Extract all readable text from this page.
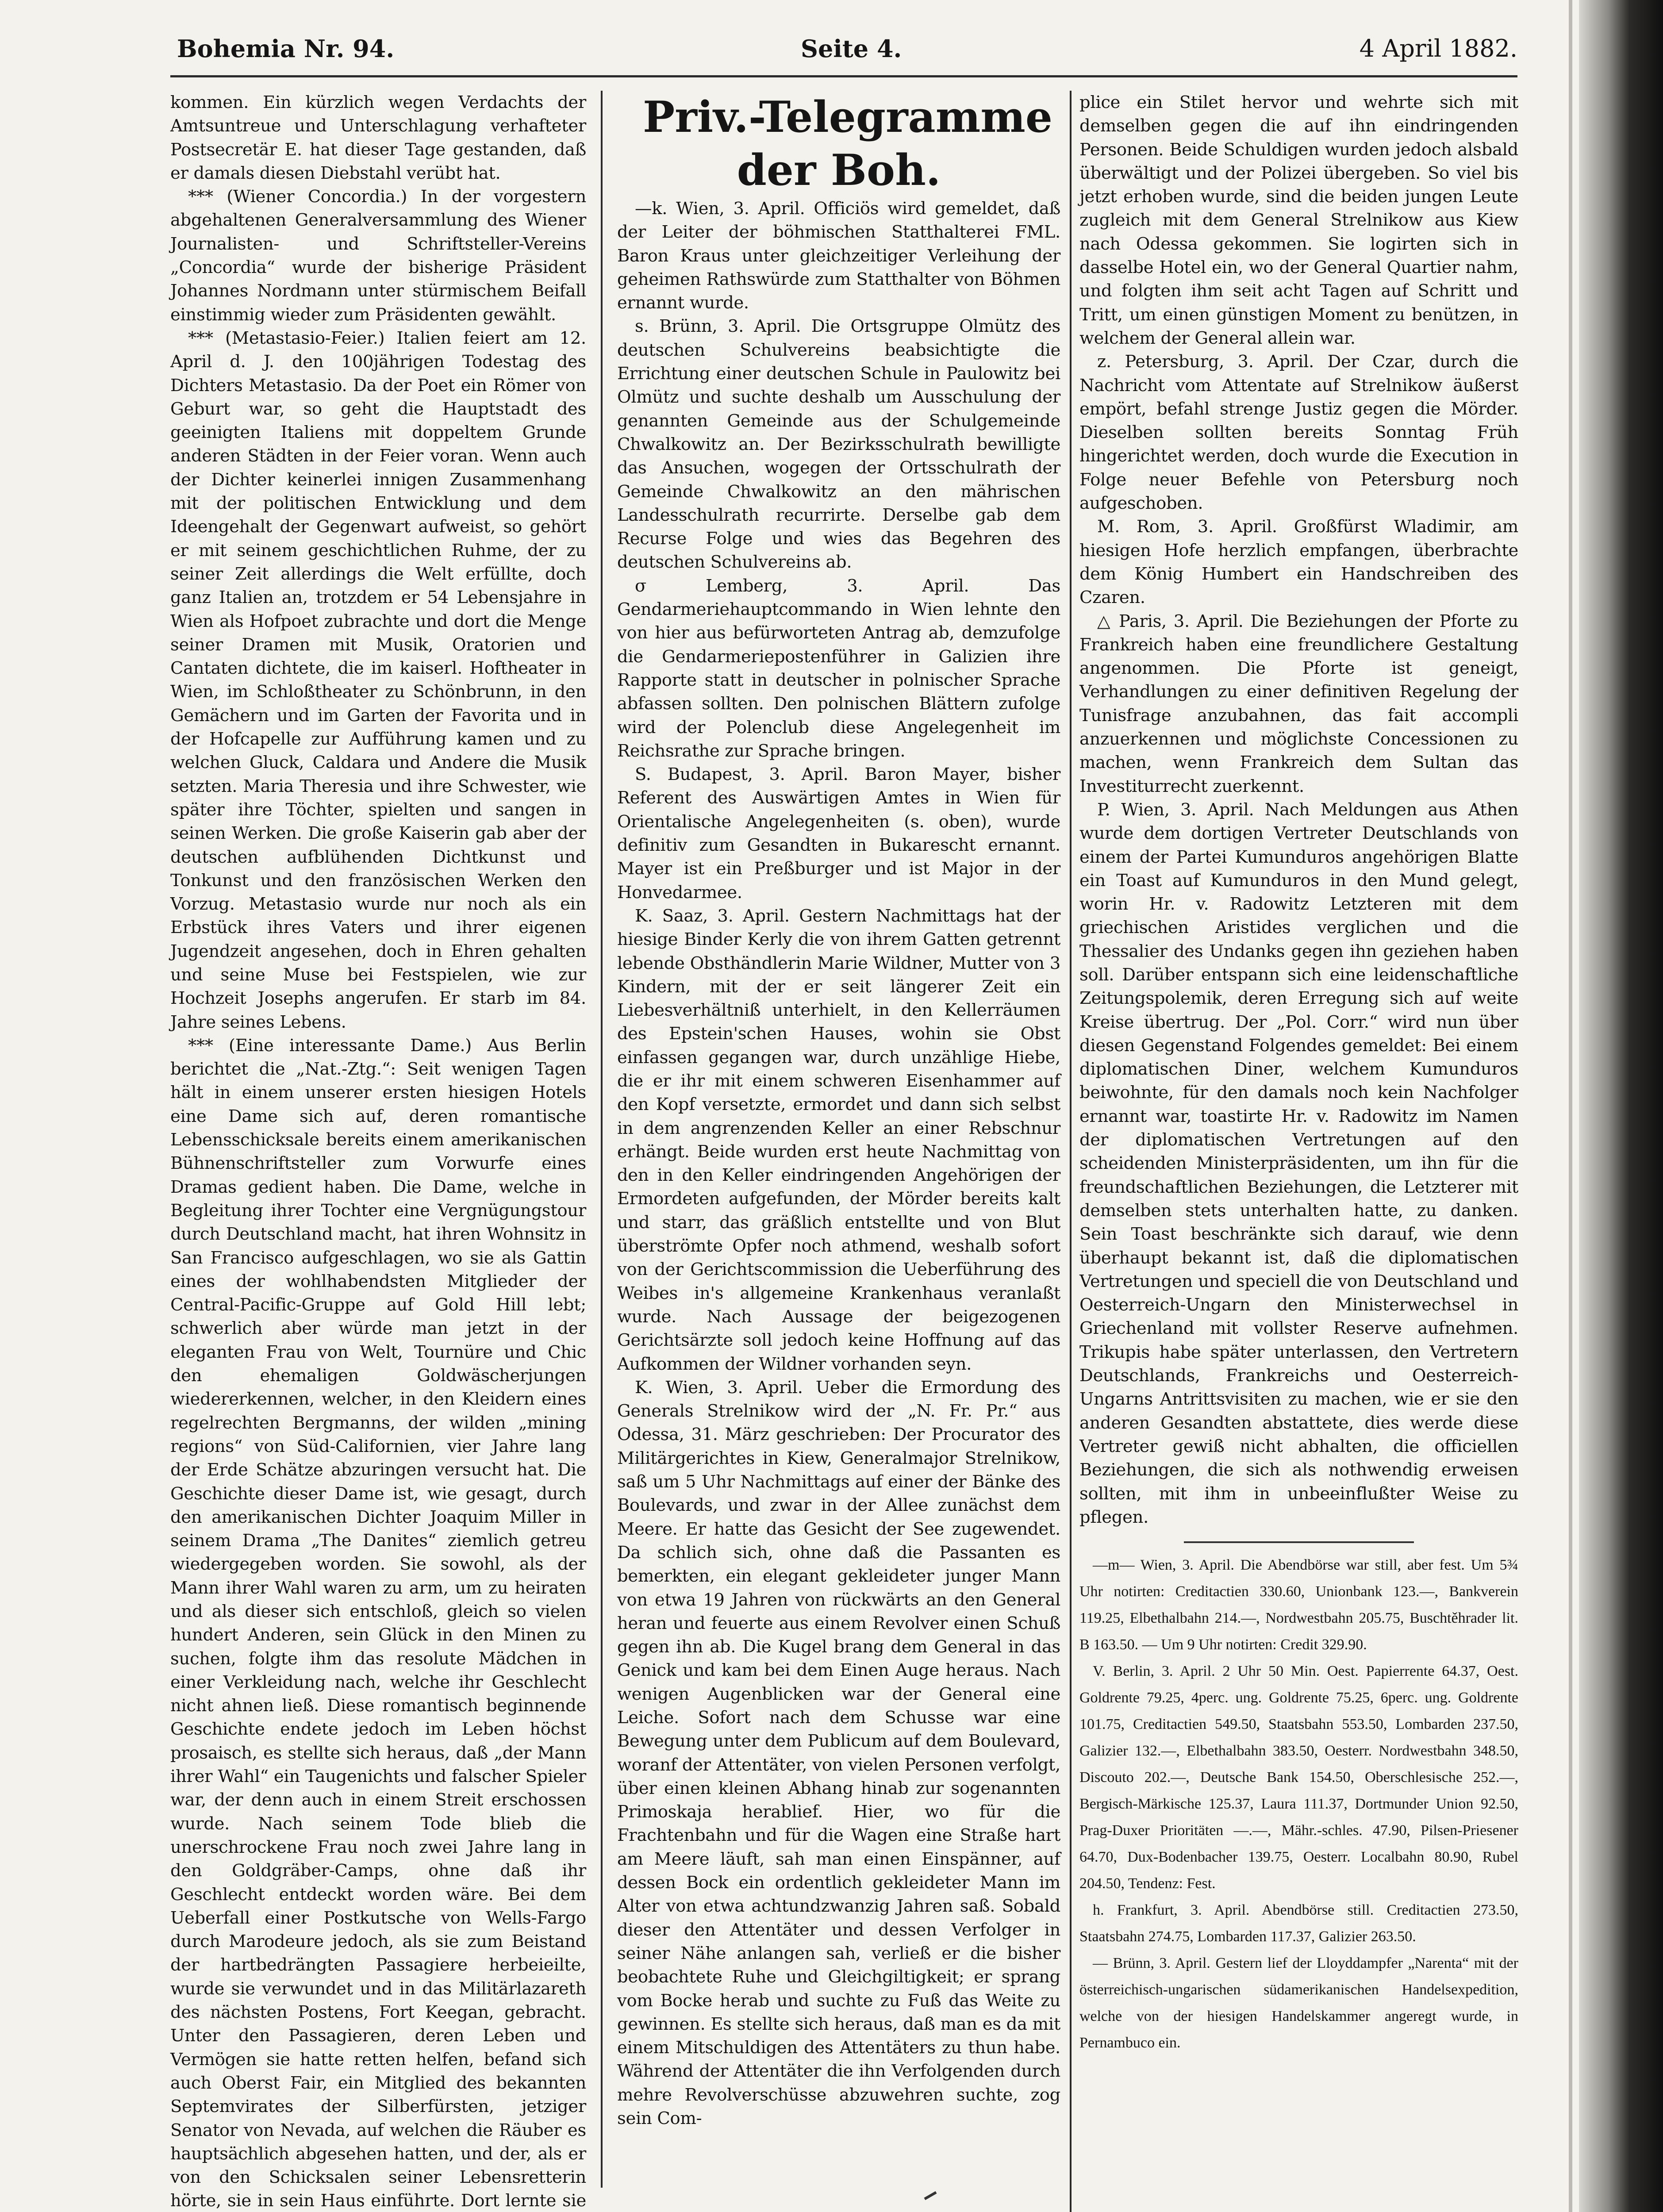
Bohemia Nr. 94.	Seite 4.	4 April 1882.

kommen. Ein kürzlich wegen Verdachts der Amtsuntreue und Unterschlagung verhafteter Postsecretär E. hat dieser Tage gestanden, daß er damals diesen Diebstahl verübt hat.

*** (Wiener Concordia.) In der vorgestern abgehaltenen Generalversammlung des Wiener Journalisten- und Schriftsteller-Vereins „Concordia“ wurde der bisherige Präsident Johannes Nordmann unter stürmischem Beifall einstimmig wieder zum Präsidenten gewählt.

*** (Metastasio-Feier.) Italien feiert am 12. April d. J. den 100jährigen Todestag des Dichters Metastasio. Da der Poet ein Römer von Geburt war, so geht die Hauptstadt des geeinigten Italiens mit doppeltem Grunde anderen Städten in der Feier voran. Wenn auch der Dichter keinerlei innigen Zusammenhang mit der politischen Entwicklung und dem Ideengehalt der Gegenwart aufweist, so gehört er mit seinem geschichtlichen Ruhme, der zu seiner Zeit allerdings die Welt erfüllte, doch ganz Italien an, trotzdem er 54 Lebensjahre in Wien als Hofpoet zubrachte und dort die Menge seiner Dramen mit Musik, Oratorien und Cantaten dichtete, die im kaiserl. Hoftheater in Wien, im Schloßtheater zu Schönbrunn, in den Gemächern und im Garten der Favorita und in der Hofcapelle zur Aufführung kamen und zu welchen Gluck, Caldara und Andere die Musik setzten. Maria Theresia und ihre Schwester, wie später ihre Töchter, spielten und sangen in seinen Werken. Die große Kaiserin gab aber der deutschen aufblühenden Dichtkunst und Tonkunst und den französischen Werken den Vorzug. Metastasio wurde nur noch als ein Erbstück ihres Vaters und ihrer eigenen Jugendzeit angesehen, doch in Ehren gehalten und seine Muse bei Festspielen, wie zur Hochzeit Josephs angerufen. Er starb im 84. Jahre seines Lebens.

*** (Eine interessante Dame.) Aus Berlin berichtet die „Nat.-Ztg.“: Seit wenigen Tagen hält in einem unserer ersten hiesigen Hotels eine Dame sich auf, deren romantische Lebensschicksale bereits einem amerikanischen Bühnenschriftsteller zum Vorwurfe eines Dramas gedient haben. Die Dame, welche in Begleitung ihrer Tochter eine Vergnügungstour durch Deutschland macht, hat ihren Wohnsitz in San Francisco aufgeschlagen, wo sie als Gattin eines der wohlhabendsten Mitglieder der Central-Pacific-Gruppe auf Gold Hill lebt; schwerlich aber würde man jetzt in der eleganten Frau von Welt, Tournüre und Chic den ehemaligen Goldwäscherjungen wiedererkennen, welcher, in den Kleidern eines regelrechten Bergmanns, der wilden „mining regions“ von Süd-Californien, vier Jahre lang der Erde Schätze abzuringen versucht hat. Die Geschichte dieser Dame ist, wie gesagt, durch den amerikanischen Dichter Joaquim Miller in seinem Drama „The Danites“ ziemlich getreu wiedergegeben worden. Sie sowohl, als der Mann ihrer Wahl waren zu arm, um zu heiraten und als dieser sich entschloß, gleich so vielen hundert Anderen, sein Glück in den Minen zu suchen, folgte ihm das resolute Mädchen in einer Verkleidung nach, welche ihr Geschlecht nicht ahnen ließ. Diese romantisch beginnende Geschichte endete jedoch im Leben höchst prosaisch, es stellte sich heraus, daß „der Mann ihrer Wahl“ ein Taugenichts und falscher Spieler war, der denn auch in einem Streit erschossen wurde. Nach seinem Tode blieb die unerschrockene Frau noch zwei Jahre lang in den Goldgräber-Camps, ohne daß ihr Geschlecht entdeckt worden wäre. Bei dem Ueberfall einer Postkutsche von Wells-Fargo durch Marodeure jedoch, als sie zum Beistand der hartbedrängten Passagiere herbeieilte, wurde sie verwundet und in das Militärlazareth des nächsten Postens, Fort Keegan, gebracht. Unter den Passagieren, deren Leben und Vermögen sie hatte retten helfen, befand sich auch Oberst Fair, ein Mitglied des bekannten Septemvirates der Silberfürsten, jetziger Senator von Nevada, auf welchen die Räuber es hauptsächlich abgesehen hatten, und der, als er von den Schicksalen seiner Lebensretterin hörte, sie in sein Haus einführte. Dort lernte sie

Priv.-Telegramme der Boh.

—k. Wien, 3. April. Officiös wird gemeldet, daß der Leiter der böhmischen Statthalterei FML. Baron Kraus unter gleichzeitiger Verleihung der geheimen Rathswürde zum Statthalter von Böhmen ernannt wurde.

s. Brünn, 3. April. Die Ortsgruppe Olmütz des deutschen Schulvereins beabsichtigte die Errichtung einer deutschen Schule in Paulowitz bei Olmütz und suchte deshalb um Ausschulung der genannten Gemeinde aus der Schulgemeinde Chwalkowitz an. Der Bezirksschulrath bewilligte das Ansuchen, wogegen der Ortsschulrath der Gemeinde Chwalkowitz an den mährischen Landesschulrath recurrirte. Derselbe gab dem Recurse Folge und wies das Begehren des deutschen Schulvereins ab.

σ Lemberg, 3. April. Das Gendarmeriehauptcommando in Wien lehnte den von hier aus befürworteten Antrag ab, demzufolge die Gendarmeriepostenführer in Galizien ihre Rapporte statt in deutscher in polnischer Sprache abfassen sollten. Den polnischen Blättern zufolge wird der Polenclub diese Angelegenheit im Reichsrathe zur Sprache bringen.

S. Budapest, 3. April. Baron Mayer, bisher Referent des Auswärtigen Amtes in Wien für Orientalische Angelegenheiten (s. oben), wurde definitiv zum Gesandten in Bukarescht ernannt. Mayer ist ein Preßburger und ist Major in der Honvedarmee.

K. Saaz, 3. April. Gestern Nachmittags hat der hiesige Binder Kerly die von ihrem Gatten getrennt lebende Obsthändlerin Marie Wildner, Mutter von 3 Kindern, mit der er seit längerer Zeit ein Liebesverhältniß unterhielt, in den Kellerräumen des Epstein'schen Hauses, wohin sie Obst einfassen gegangen war, durch unzählige Hiebe, die er ihr mit einem schweren Eisenhammer auf den Kopf versetzte, ermordet und dann sich selbst in dem angrenzenden Keller an einer Rebschnur erhängt. Beide wurden erst heute Nachmittag von den in den Keller eindringenden Angehörigen der Ermordeten aufgefunden, der Mörder bereits kalt und starr, das gräßlich entstellte und von Blut überströmte Opfer noch athmend, weshalb sofort von der Gerichtscommission die Ueberführung des Weibes in's allgemeine Krankenhaus veranlaßt wurde. Nach Aussage der beigezogenen Gerichtsärzte soll jedoch keine Hoffnung auf das Aufkommen der Wildner vorhanden seyn.

K. Wien, 3. April. Ueber die Ermordung des Generals Strelnikow wird der „N. Fr. Pr.“ aus Odessa, 31. März geschrieben: Der Procurator des Militärgerichtes in Kiew, Generalmajor Strelnikow, saß um 5 Uhr Nachmittags auf einer der Bänke des Boulevards, und zwar in der Allee zunächst dem Meere. Er hatte das Gesicht der See zugewendet. Da schlich sich, ohne daß die Passanten es bemerkten, ein elegant gekleideter junger Mann von etwa 19 Jahren von rückwärts an den General heran und feuerte aus einem Revolver einen Schuß gegen ihn ab. Die Kugel brang dem General in das Genick und kam bei dem Einen Auge heraus. Nach wenigen Augenblicken war der General eine Leiche. Sofort nach dem Schusse war eine Bewegung unter dem Publicum auf dem Boulevard, woranf der Attentäter, von vielen Personen verfolgt, über einen kleinen Abhang hinab zur sogenannten Primoskaja herablief. Hier, wo für die Frachtenbahn und für die Wagen eine Straße hart am Meere läuft, sah man einen Einspänner, auf dessen Bock ein ordentlich gekleideter Mann im Alter von etwa achtundzwanzig Jahren saß. Sobald dieser den Attentäter und dessen Verfolger in seiner Nähe anlangen sah, verließ er die bisher beobachtete Ruhe und Gleichgiltigkeit; er sprang vom Bocke herab und suchte zu Fuß das Weite zu gewinnen. Es stellte sich heraus, daß man es da mit einem Mitschuldigen des Attentäters zu thun habe. Während der Attentäter die ihn Verfolgenden durch mehre Revolverschüsse abzuwehren suchte, zog sein Com-

plice ein Stilet hervor und wehrte sich mit demselben gegen die auf ihn eindringenden Personen. Beide Schuldigen wurden jedoch alsbald überwältigt und der Polizei übergeben. So viel bis jetzt erhoben wurde, sind die beiden jungen Leute zugleich mit dem General Strelnikow aus Kiew nach Odessa gekommen. Sie logirten sich in dasselbe Hotel ein, wo der General Quartier nahm, und folgten ihm seit acht Tagen auf Schritt und Tritt, um einen günstigen Moment zu benützen, in welchem der General allein war.

z. Petersburg, 3. April. Der Czar, durch die Nachricht vom Attentate auf Strelnikow äußerst empört, befahl strenge Justiz gegen die Mörder. Dieselben sollten bereits Sonntag Früh hingerichtet werden, doch wurde die Execution in Folge neuer Befehle von Petersburg noch aufgeschoben.

M. Rom, 3. April. Großfürst Wladimir, am hiesigen Hofe herzlich empfangen, überbrachte dem König Humbert ein Handschreiben des Czaren.

△ Paris, 3. April. Die Beziehungen der Pforte zu Frankreich haben eine freundlichere Gestaltung angenommen. Die Pforte ist geneigt, Verhandlungen zu einer definitiven Regelung der Tunisfrage anzubahnen, das fait accompli anzuerkennen und möglichste Concessionen zu machen, wenn Frankreich dem Sultan das Investiturrecht zuerkennt.

P. Wien, 3. April. Nach Meldungen aus Athen wurde dem dortigen Vertreter Deutschlands von einem der Partei Kumunduros angehörigen Blatte ein Toast auf Kumunduros in den Mund gelegt, worin Hr. v. Radowitz Letzteren mit dem griechischen Aristides verglichen und die Thessalier des Undanks gegen ihn geziehen haben soll. Darüber entspann sich eine leidenschaftliche Zeitungspolemik, deren Erregung sich auf weite Kreise übertrug. Der „Pol. Corr.“ wird nun über diesen Gegenstand Folgendes gemeldet: Bei einem diplomatischen Diner, welchem Kumunduros beiwohnte, für den damals noch kein Nachfolger ernannt war, toastirte Hr. v. Radowitz im Namen der diplomatischen Vertretungen auf den scheidenden Ministerpräsidenten, um ihn für die freundschaftlichen Beziehungen, die Letzterer mit demselben stets unterhalten hatte, zu danken. Sein Toast beschränkte sich darauf, wie denn überhaupt bekannt ist, daß die diplomatischen Vertretungen und speciell die von Deutschland und Oesterreich-Ungarn den Ministerwechsel in Griechenland mit vollster Reserve aufnehmen. Trikupis habe später unterlassen, den Vertretern Deutschlands, Frankreichs und Oesterreich-Ungarns Antrittsvisiten zu machen, wie er sie den anderen Gesandten abstattete, dies werde diese Vertreter gewiß nicht abhalten, die officiellen Beziehungen, die sich als nothwendig erweisen sollten, mit ihm in unbeeinflußter Weise zu pflegen.

—m— Wien, 3. April. Die Abendbörse war still, aber fest. Um 5¾ Uhr notirten: Creditactien 330.60, Unionbank 123.—, Bankverein 119.25, Elbethalbahn 214.—, Nordwestbahn 205.75, Buschtěhrader lit. B 163.50. — Um 9 Uhr notirten: Credit 329.90.

V. Berlin, 3. April. 2 Uhr 50 Min. Oest. Papierrente 64.37, Oest. Goldrente 79.25, 4perc. ung. Goldrente 75.25, 6perc. ung. Goldrente 101.75, Creditactien 549.50, Staatsbahn 553.50, Lombarden 237.50, Galizier 132.—, Elbethalbahn 383.50, Oesterr. Nordwestbahn 348.50, Discouto 202.—, Deutsche Bank 154.50, Oberschlesische 252.—, Bergisch-Märkische 125.37, Laura 111.37, Dortmunder Union 92.50, Prag-Duxer Prioritäten —.—, Mähr.-schles. 47.90, Pilsen-Priesener 64.70, Dux-Bodenbacher 139.75, Oesterr. Localbahn 80.90, Rubel 204.50, Tendenz: Fest.

h. Frankfurt, 3. April. Abendbörse still. Creditactien 273.50, Staatsbahn 274.75, Lombarden 117.37, Galizier 263.50.

— Brünn, 3. April. Gestern lief der Lloyddampfer „Narenta“ mit der österreichisch-ungarischen südamerikanischen Handelsexpedition, welche von der hiesigen Handelskammer angeregt wurde, in Pernambuco ein.
